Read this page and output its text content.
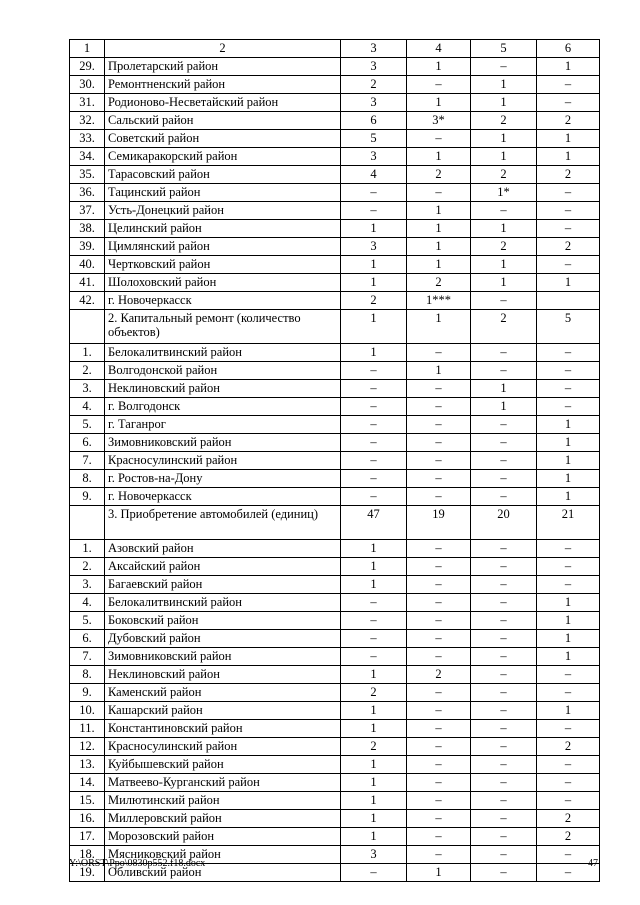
1	2	3	4	5	6
29.	Пролетарский район	3	1	–	1
30.	Ремонтненский район	2	–	1	–
31.	Родионово-Несветайский район	3	1	1	–
32.	Сальский район	6	3*	2	2
33.	Советский район	5	–	1	1
34.	Семикаракорский район	3	1	1	1
35.	Тарасовский район	4	2	2	2
36.	Тацинский район	–	–	1*	–
37.	Усть-Донецкий район	–	1	–	–
38.	Целинский район	1	1	1	–
39.	Цимлянский район	3	1	2	2
40.	Чертковский район	1	1	1	–
41.	Шолоховский район	1	2	1	1
42.	г. Новочеркасск	2	1***	–	
	2. Капитальный ремонт (количество объектов)	1	1	2	5
1.	Белокалитвинский район	1	–	–	–
2.	Волгодонской район	–	1	–	–
3.	Неклиновский район	–	–	1	–
4.	г. Волгодонск	–	–	1	–
5.	г. Таганрог	–	–	–	1
6.	Зимовниковский район	–	–	–	1
7.	Красносулинский район	–	–	–	1
8.	г. Ростов-на-Дону	–	–	–	1
9.	г. Новочеркасск	–	–	–	1
	3. Приобретение автомобилей (единиц)	47	19	20	21
1.	Азовский район	1	–	–	–
2.	Аксайский район	1	–	–	–
3.	Багаевский район	1	–	–	–
4.	Белокалитвинский район	–	–	–	1
5.	Боковский район	–	–	–	1
6.	Дубовский район	–	–	–	1
7.	Зимовниковский район	–	–	–	1
8.	Неклиновский район	1	2	–	–
9.	Каменский район	2	–	–	–
10.	Кашарский район	1	–	–	1
11.	Константиновский район	1	–	–	–
12.	Красносулинский район	2	–	–	2
13.	Куйбышевский район	1	–	–	–
14.	Матвеево-Курганский район	1	–	–	–
15.	Милютинский район	1	–	–	–
16.	Миллеровский район	1	–	–	2
17.	Морозовский район	1	–	–	2
18.	Мясниковский район	3	–	–	–
19.	Обливский район	–	1	–	–
Y:\ORST\Ppo\0830p552.f18.docx	47
